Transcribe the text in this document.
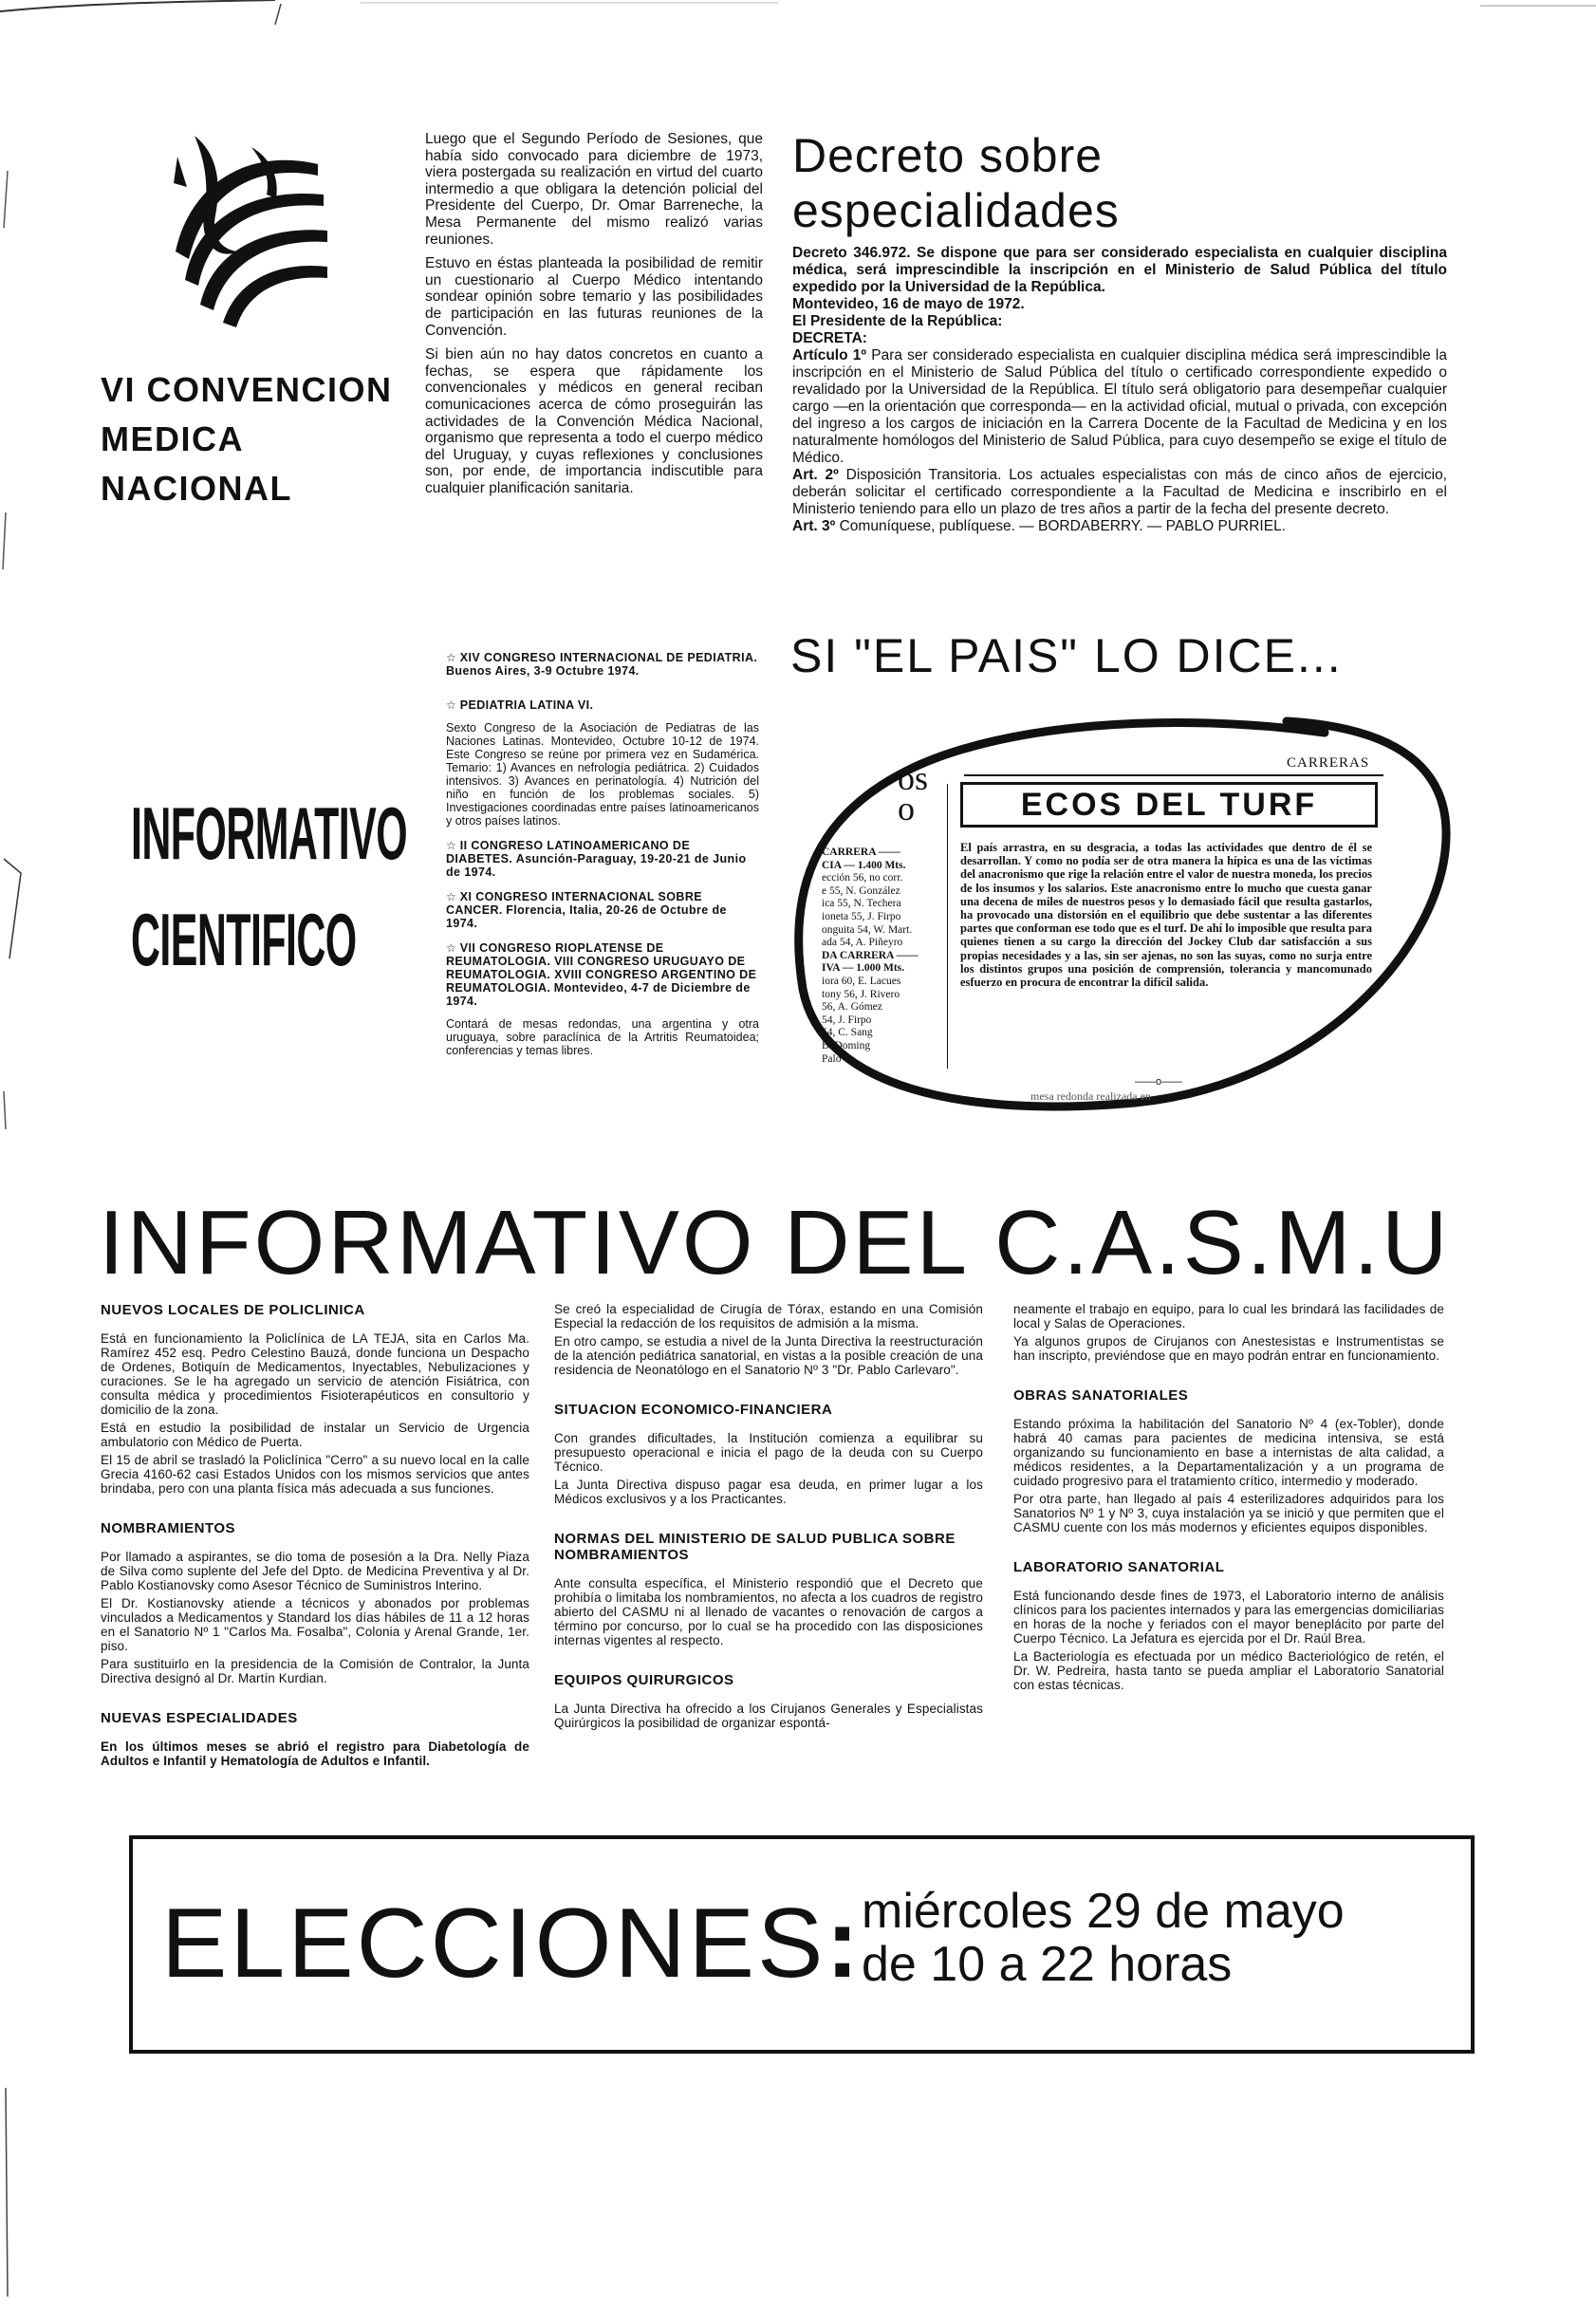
VI CONVENCION
MEDICA
NACIONAL

Luego que el Segundo Período de Sesiones, que había sido convocado para diciembre de 1973, viera postergada su realización en virtud del cuarto intermedio a que obligara la detención policial del Presidente del Cuerpo, Dr. Omar Barreneche, la Mesa Permanente del mismo realizó varias reuniones.

Estuvo en éstas planteada la posibilidad de remitir un cuestionario al Cuerpo Médico intentando sondear opinión sobre temario y las posibilidades de participación en las futuras reuniones de la Convención.

Si bien aún no hay datos concretos en cuanto a fechas, se espera que rápidamente los convencionales y médicos en general reciban comunicaciones acerca de cómo proseguirán las actividades de la Convención Médica Nacional, organismo que representa a todo el cuerpo médico del Uruguay, y cuyas reflexiones y conclusiones son, por ende, de importancia indiscutible para cualquier planificación sanitaria.

Decreto sobre
especialidades

Decreto 346.972. Se dispone que para ser considerado especialista en cualquier disciplina médica, será imprescindible la inscripción en el Ministerio de Salud Pública del título expedido por la Universidad de la República.

Montevideo, 16 de mayo de 1972.

El Presidente de la República:

DECRETA:

Artículo 1º Para ser considerado especialista en cualquier disciplina médica será imprescindible la inscripción en el Ministerio de Salud Pública del título o certificado correspondiente expedido o revalidado por la Universidad de la República. El título será obligatorio para desempeñar cualquier cargo —en la orientación que corresponda— en la actividad oficial, mutual o privada, con excepción del ingreso a los cargos de iniciación en la Carrera Docente de la Facultad de Medicina y en los naturalmente homólogos del Ministerio de Salud Pública, para cuyo desempeño se exige el título de Médico.

Art. 2º Disposición Transitoria. Los actuales especialistas con más de cinco años de ejercicio, deberán solicitar el certificado correspondiente a la Facultad de Medicina e inscribirlo en el Ministerio teniendo para ello un plazo de tres años a partir de la fecha del presente decreto.

Art. 3º Comuníquese, publíquese. — BORDABERRY. — PABLO PURRIEL.

INFORMATIVO
CIENTIFICO
☆ XIV CONGRESO INTERNACIONAL DE PEDIATRIA. Buenos Aires, 3-9 Octubre 1974.
☆ PEDIATRIA LATINA VI.
Sexto Congreso de la Asociación de Pediatras de las Naciones Latinas. Montevideo, Octubre 10-12 de 1974. Este Congreso se reúne por primera vez en Sudamérica. Temario: 1) Avances en nefrología pediátrica. 2) Cuidados intensivos. 3) Avances en perinatología. 4) Nutrición del niño en función de los problemas sociales. 5) Investigaciones coordinadas entre países latinoamericanos y otros países latinos.
☆ II CONGRESO LATINOAMERICANO DE DIABETES. Asunción-Paraguay, 19-20-21 de Junio de 1974.
☆ XI CONGRESO INTERNACIONAL SOBRE CANCER. Florencia, Italia, 20-26 de Octubre de 1974.
☆ VII CONGRESO RIOPLATENSE DE REUMATOLOGIA. VIII CONGRESO URUGUAYO DE REUMATOLOGIA. XVIII CONGRESO ARGENTINO DE REUMATOLOGIA. Montevideo, 4-7 de Diciembre de 1974.
Contará de mesas redondas, una argentina y otra uruguaya, sobre paraclínica de la Artritis Reumatoidea; conferencias y temas libres.
SI "EL PAIS" LO DICE...
CARRERAS
os
o	ECOS DEL TURF
CARRERA ——
CIA — 1.400 Mts.
ección 56, no corr.
e 55, N. González
ica 55, N. Techera
ioneta 55, J. Firpo
onguita 54, W. Mart.
ada 54, A. Piñeyro
DA CARRERA ——
IVA — 1.000 Mts.
iora 60, E. Lacues
tony 56, J. Rivero
56, A. Gómez
54, J. Firpo
54, C. Sang
B. Doming
Palo
El país arrastra, en su desgracia, a todas las actividades que dentro de él se desarrollan. Y como no podía ser de otra manera la hípica es una de las víctimas del anacronismo que rige la relación entre el valor de nuestra moneda, los precios de los insumos y los salarios. Este anacronismo entre lo mucho que cuesta ganar una decena de miles de nuestros pesos y lo demasiado fácil que resulta gastarlos, ha provocado una distorsión en el equilibrio que debe sustentar a las diferentes partes que conforman ese todo que es el turf. De ahí lo imposible que resulta para quienes tienen a su cargo la dirección del Jockey Club dar satisfacción a sus propias necesidades y a las, sin ser ajenas, no son las suyas, como no surja entre los distintos grupos una posición de comprensión, tolerancia y mancomunado esfuerzo en procura de encontrar la difícil salida.
——o——
mesa redonda realizada en
INFORMATIVO DEL C.A.S.M.U
NUEVOS LOCALES DE POLICLINICA

Está en funcionamiento la Policlínica de LA TEJA, sita en Carlos Ma. Ramírez 452 esq. Pedro Celestino Bauzá, donde funciona un Despacho de Ordenes, Botiquín de Medicamentos, Inyectables, Nebulizaciones y curaciones. Se le ha agregado un servicio de atención Fisiátrica, con consulta médica y procedimientos Fisioterapéuticos en consultorio y domicilio de la zona.

Está en estudio la posibilidad de instalar un Servicio de Urgencia ambulatorio con Médico de Puerta.

El 15 de abril se trasladó la Policlínica "Cerro" a su nuevo local en la calle Grecia 4160-62 casi Estados Unidos con los mismos servicios que antes brindaba, pero con una planta física más adecuada a sus funciones.

NOMBRAMIENTOS

Por llamado a aspirantes, se dio toma de posesión a la Dra. Nelly Piaza de Silva como suplente del Jefe del Dpto. de Medicina Preventiva y al Dr. Pablo Kostianovsky como Asesor Técnico de Suministros Interino.

El Dr. Kostianovsky atiende a técnicos y abonados por problemas vinculados a Medicamentos y Standard los días hábiles de 11 a 12 horas en el Sanatorio Nº 1 "Carlos Ma. Fosalba", Colonia y Arenal Grande, 1er. piso.

Para sustituirlo en la presidencia de la Comisión de Contralor, la Junta Directiva designó al Dr. Martín Kurdian.

NUEVAS ESPECIALIDADES

En los últimos meses se abrió el registro para Diabetología de Adultos e Infantil y Hematología de Adultos e Infantil.

Se creó la especialidad de Cirugía de Tórax, estando en una Comisión Especial la redacción de los requisitos de admisión a la misma.

En otro campo, se estudia a nivel de la Junta Directiva la reestructuración de la atención pediátrica sanatorial, en vistas a la posible creación de una residencia de Neonatólogo en el Sanatorio Nº 3 "Dr. Pablo Carlevaro".

SITUACION ECONOMICO-FINANCIERA

Con grandes dificultades, la Institución comienza a equilibrar su presupuesto operacional e inicia el pago de la deuda con su Cuerpo Técnico.

La Junta Directiva dispuso pagar esa deuda, en primer lugar a los Médicos exclusivos y a los Practicantes.

NORMAS DEL MINISTERIO DE SALUD PUBLICA SOBRE NOMBRAMIENTOS

Ante consulta específica, el Ministerio respondió que el Decreto que prohibía o limitaba los nombramientos, no afecta a los cuadros de registro abierto del CASMU ni al llenado de vacantes o renovación de cargos a término por concurso, por lo cual se ha procedido con las disposiciones internas vigentes al respecto.

EQUIPOS QUIRURGICOS

La Junta Directiva ha ofrecido a los Cirujanos Generales y Especialistas Quirúrgicos la posibilidad de organizar espontá-

neamente el trabajo en equipo, para lo cual les brindará las facilidades de local y Salas de Operaciones.

Ya algunos grupos de Cirujanos con Anestesistas e Instrumentistas se han inscripto, previéndose que en mayo podrán entrar en funcionamiento.

OBRAS SANATORIALES

Estando próxima la habilitación del Sanatorio Nº 4 (ex-Tobler), donde habrá 40 camas para pacientes de medicina intensiva, se está organizando su funcionamiento en base a internistas de alta calidad, a médicos residentes, a la Departamentalización y a un programa de cuidado progresivo para el tratamiento crítico, intermedio y moderado.

Por otra parte, han llegado al país 4 esterilizadores adquiridos para los Sanatorios Nº 1 y Nº 3, cuya instalación ya se inició y que permiten que el CASMU cuente con los más modernos y eficientes equipos disponibles.

LABORATORIO SANATORIAL

Está funcionando desde fines de 1973, el Laboratorio interno de análisis clínicos para los pacientes internados y para las emergencias domiciliarias en horas de la noche y feriados con el mayor beneplácito por parte del Cuerpo Técnico. La Jefatura es ejercida por el Dr. Raúl Brea.

La Bacteriología es efectuada por un médico Bacteriológico de retén, el Dr. W. Pedreira, hasta tanto se pueda ampliar el Laboratorio Sanatorial con estas técnicas.

ELECCIONES: miércoles 29 de mayo
de 10 a 22 horas
